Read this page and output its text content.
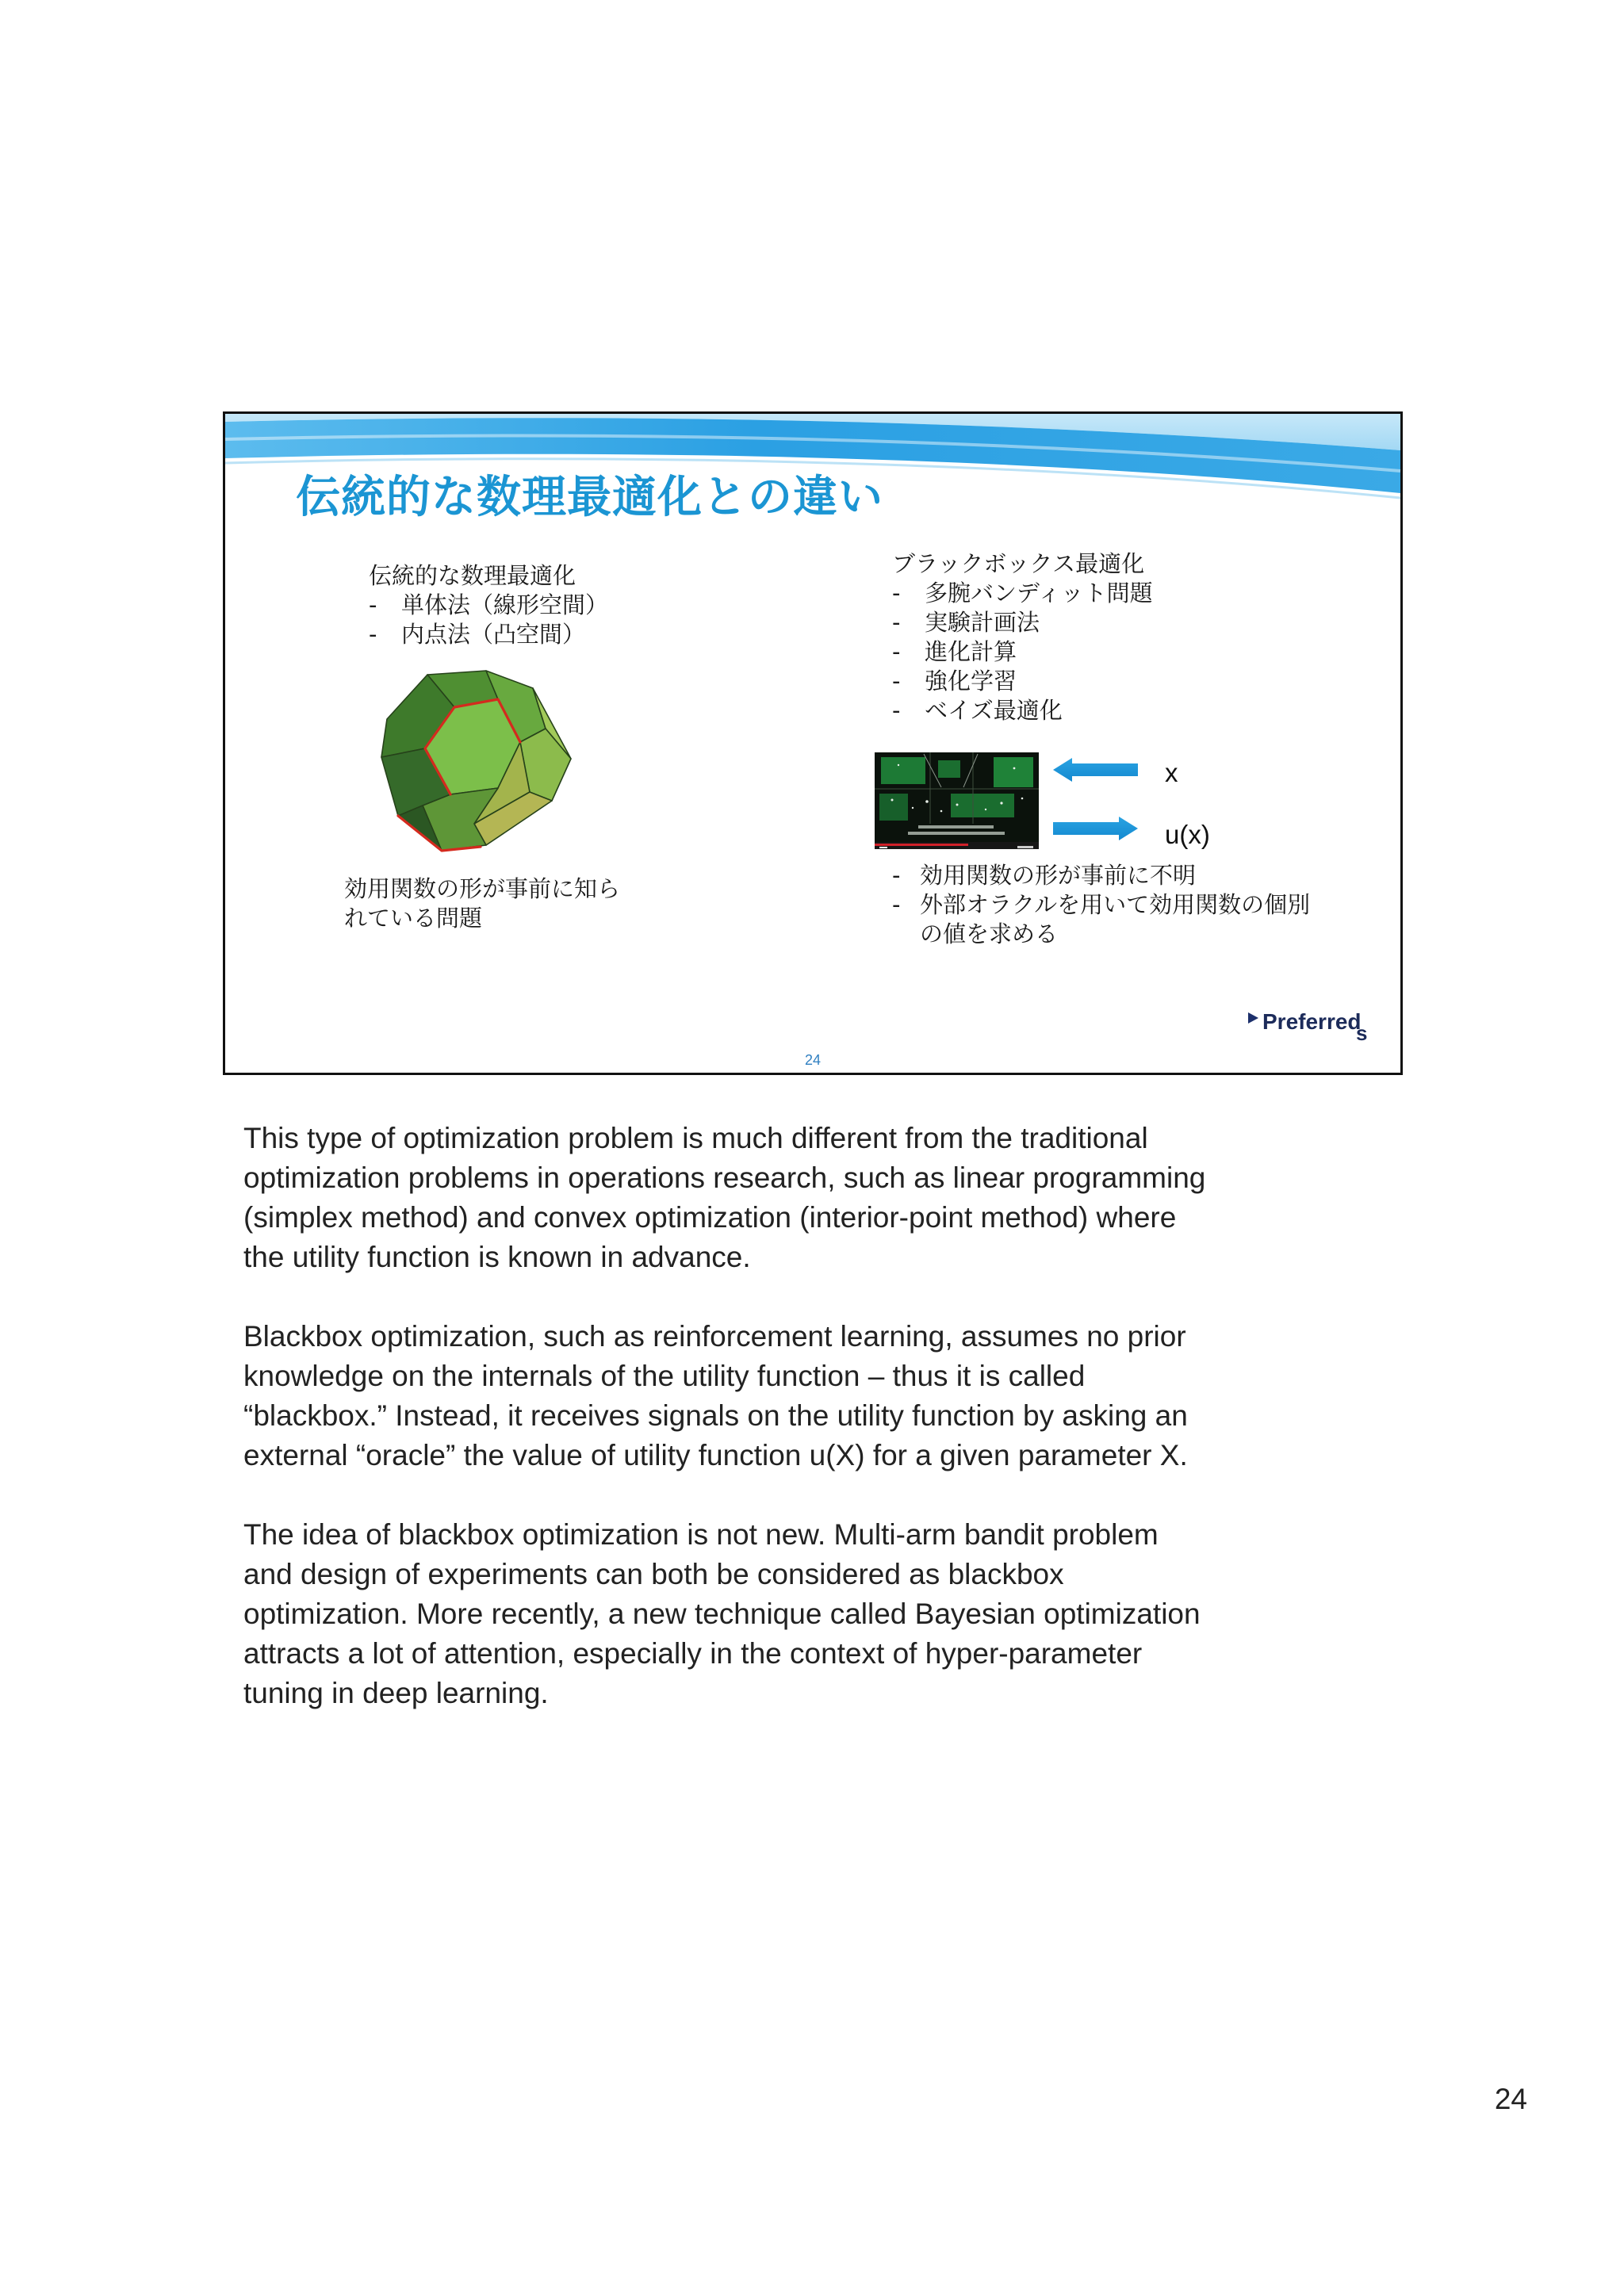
伝統的な数理最適化との違い
伝統的な数理最適化
-	単体法（線形空間）
-	内点法（凸空間）
効用関数の形が事前に知ら
れている問題
ブラックボックス最適化
-	多腕バンディット問題
-	実験計画法
-	進化計算
-	強化学習
-	ベイズ最適化
x
u(x)
- 効用関数の形が事前に不明
- 外部オラクルを用いて効用関数の個別
の値を求める
Preferred
s
24

This type of optimization problem is much different from the traditional
optimization problems in operations research, such as linear programming
(simplex method) and convex optimization (interior-point method) where
the utility function is known in advance.

Blackbox optimization, such as reinforcement learning, assumes no prior
knowledge on the internals of the utility function – thus it is called
“blackbox.” Instead, it receives signals on the utility function by asking an
external “oracle” the value of utility function u(X) for a given parameter X.

The idea of blackbox optimization is not new. Multi-arm bandit problem
and design of experiments can both be considered as blackbox
optimization. More recently, a new technique called Bayesian optimization
attracts a lot of attention, especially in the context of hyper-parameter
tuning in deep learning.

24
